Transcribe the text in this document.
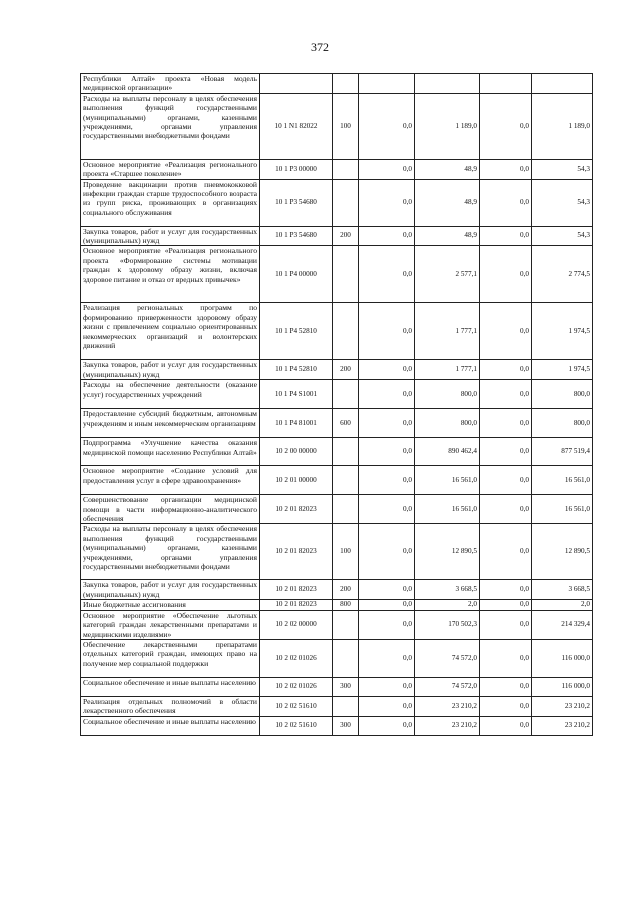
372
Республики Алтай» проекта «Новая модель медицинской организации»						
Расходы на выплаты персоналу в целях обеспечения выполнения функций государственными (муниципальными) органами, казенными учреждениями, органами управления государственными внебюджетными фондами	10 1 N1 82022	100	0,0	1 189,0	0,0	1 189,0
Основное мероприятие «Реализация регионального проекта «Старшее поколение»	10 1 P3 00000		0,0	48,9	0,0	54,3
Проведение вакцинации против пневмококковой инфекции граждан старше трудоспособного возраста из групп риска, проживающих в организациях социального обслуживания	10 1 P3 54680		0,0	48,9	0,0	54,3
Закупка товаров, работ и услуг для государственных (муниципальных) нужд	10 1 P3 54680	200	0,0	48,9	0,0	54,3
Основное мероприятие «Реализация регионального проекта «Формирование системы мотивации граждан к здоровому образу жизни, включая здоровое питание и отказ от вредных привычек»	10 1 P4 00000		0,0	2 577,1	0,0	2 774,5
Реализация региональных программ по формированию приверженности здоровому образу жизни с привлечением социально ориентированных некоммерческих организаций и волонтерских движений	10 1 P4 52810		0,0	1 777,1	0,0	1 974,5
Закупка товаров, работ и услуг для государственных (муниципальных) нужд	10 1 P4 52810	200	0,0	1 777,1	0,0	1 974,5
Расходы на обеспечение деятельности (оказание услуг) государственных учреждений	10 1 P4 S1001		0,0	800,0	0,0	800,0
Предоставление субсидий бюджетным, автономным учреждениям и иным некоммерческим организациям	10 1 P4 81001	600	0,0	800,0	0,0	800,0
Подпрограмма «Улучшение качества оказания медицинской помощи населению Республики Алтай»	10 2 00 00000		0,0	890 462,4	0,0	877 519,4
Основное мероприятие «Создание условий для предоставления услуг в сфере здравоохранения»	10 2 01 00000		0,0	16 561,0	0,0	16 561,0
Совершенствование организации медицинской помощи в части информационно-аналитического обеспечения	10 2 01 82023		0,0	16 561,0	0,0	16 561,0
Расходы на выплаты персоналу в целях обеспечения выполнения функций государственными (муниципальными) органами, казенными учреждениями, органами управления государственными внебюджетными фондами	10 2 01 82023	100	0,0	12 890,5	0,0	12 890,5
Закупка товаров, работ и услуг для государственных (муниципальных) нужд	10 2 01 82023	200	0,0	3 668,5	0,0	3 668,5
Иные бюджетные ассигнования	10 2 01 82023	800	0,0	2,0	0,0	2,0
Основное мероприятие «Обеспечение льготных категорий граждан лекарственными препаратами и медицинскими изделиями»	10 2 02 00000		0,0	170 502,3	0,0	214 329,4
Обеспечение лекарственными препаратами отдельных категорий граждан, имеющих право на получение мер социальной поддержки	10 2 02 01026		0,0	74 572,0	0,0	116 000,0
Социальное обеспечение и иные выплаты населению	10 2 02 01026	300	0,0	74 572,0	0,0	116 000,0
Реализация отдельных полномочий в области лекарственного обеспечения	10 2 02 51610		0,0	23 210,2	0,0	23 210,2
Социальное обеспечение и иные выплаты населению	10 2 02 51610	300	0,0	23 210,2	0,0	23 210,2
